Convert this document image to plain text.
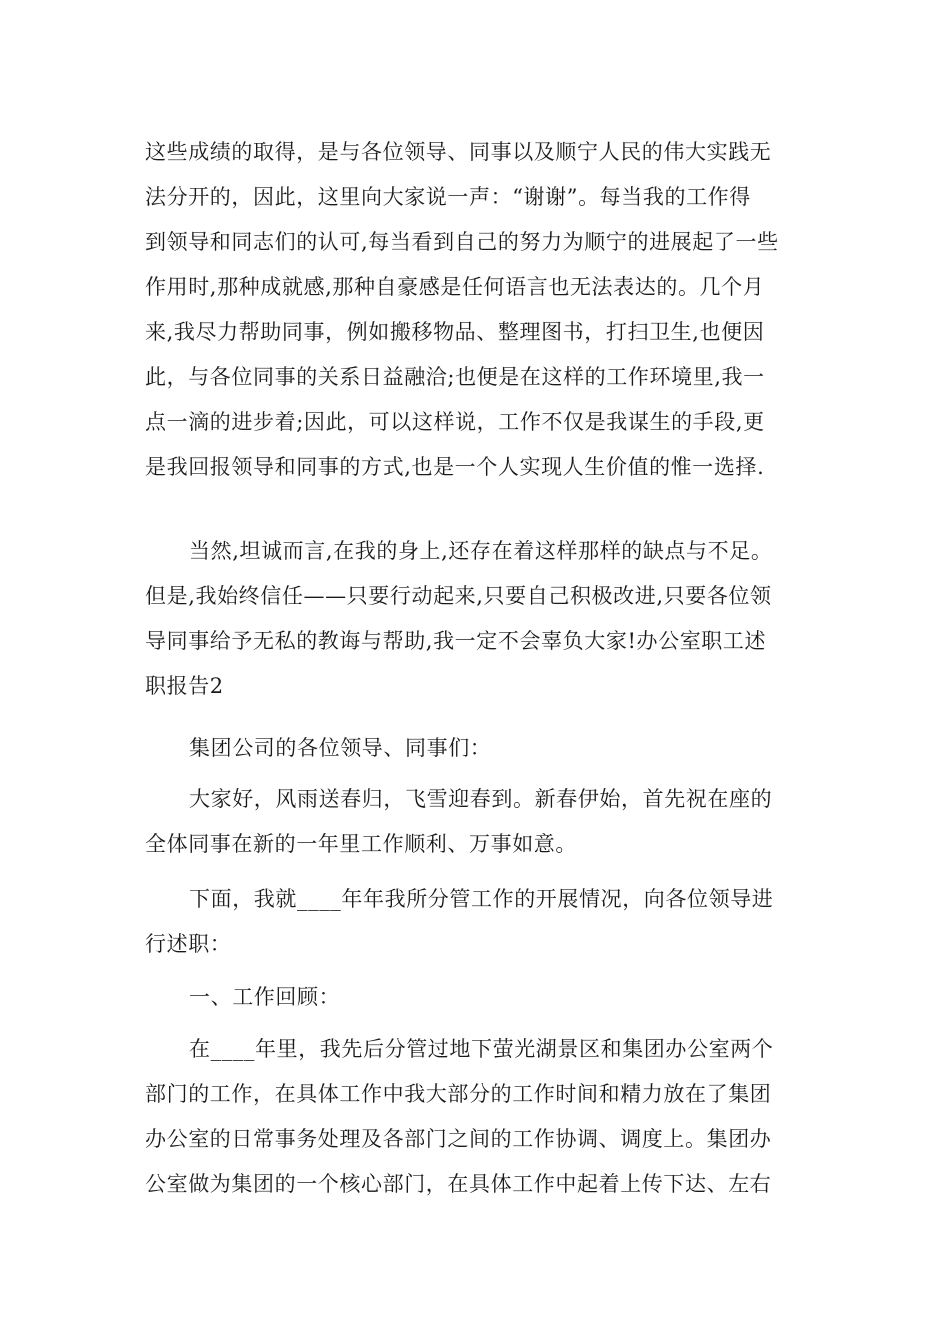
这些成绩的取得，是与各位领导、同事以及顺宁人民的伟大实践无
法分开的，因此，这里向大家说一声：“谢谢”。每当我的工作得
到领导和同志们的认可,每当看到自己的努力为顺宁的进展起了一些
作用时,那种成就感,那种自豪感是任何语言也无法表达的。几个月
来,我尽力帮助同事，例如搬移物品、整理图书，打扫卫生,也便因
此，与各位同事的关系日益融洽;也便是在这样的工作环境里,我一
点一滴的进步着;因此，可以这样说，工作不仅是我谋生的手段,更
是我回报领导和同事的方式,也是一个人实现人生价值的惟一选择.
当然,坦诚而言,在我的身上,还存在着这样那样的缺点与不足。
但是,我始终信任——只要行动起来,只要自己积极改进,只要各位领
导同事给予无私的教诲与帮助,我一定不会辜负大家!办公室职工述
职报告2
集团公司的各位领导、同事们：
大家好，风雨送春归，飞雪迎春到。新春伊始，首先祝在座的
全体同事在新的一年里工作顺利、万事如意。
下面，我就____年年我所分管工作的开展情况，向各位领导进
行述职：
一、工作回顾：
在____年里，我先后分管过地下萤光湖景区和集团办公室两个
部门的工作，在具体工作中我大部分的工作时间和精力放在了集团
办公室的日常事务处理及各部门之间的工作协调、调度上。集团办
公室做为集团的一个核心部门，在具体工作中起着上传下达、左右
